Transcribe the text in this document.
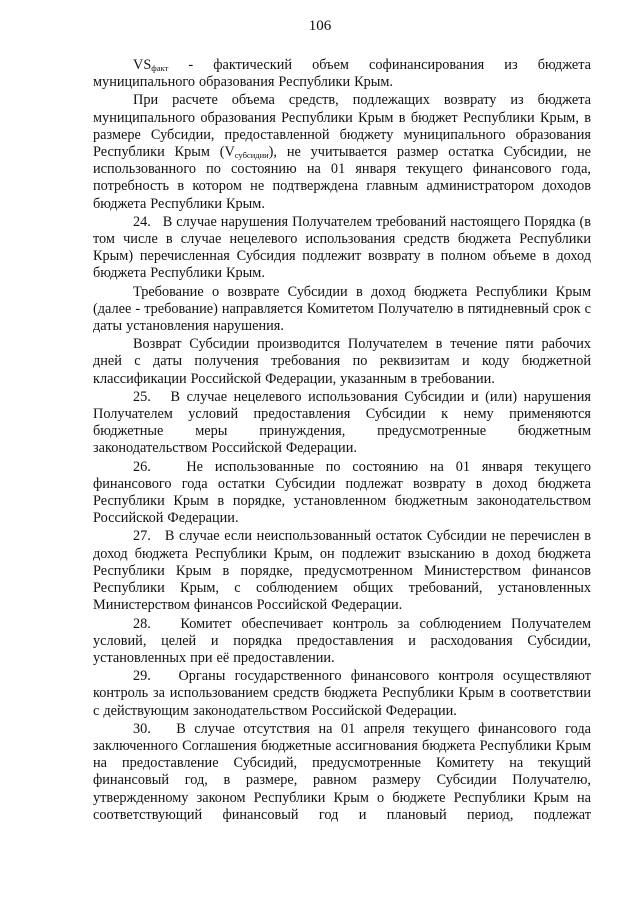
106

$VS_{факт}$ - фактический объем софинансирования из бюджета муниципального образования Республики Крым.

При расчете объема средств, подлежащих возврату из бюджета муниципального образования Республики Крым в бюджет Республики Крым, в размере Субсидии, предоставленной бюджету муниципального образования Республики Крым $(V_{субсидии})$, не учитывается размер остатка Субсидии, не использованного по состоянию на 01 января текущего финансового года, потребность в котором не подтверждена главным администратором доходов бюджета Республики Крым.

24.   В случае нарушения Получателем требований настоящего Порядка (в том числе в случае нецелевого использования средств бюджета Республики Крым) перечисленная Субсидия подлежит возврату в полном объеме в доход бюджета Республики Крым.

Требование о возврате Субсидии в доход бюджета Республики Крым (далее - требование) направляется Комитетом Получателю в пятидневный срок с даты установления нарушения.

Возврат Субсидии производится Получателем в течение пяти рабочих дней с даты получения требования по реквизитам и коду бюджетной классификации Российской Федерации, указанным в требовании.

25.   В случае нецелевого использования Субсидии и (или) нарушения Получателем условий предоставления Субсидии к нему применяются бюджетные меры принуждения, предусмотренные бюджетным законодательством Российской Федерации.

26.   Не использованные по состоянию на 01 января текущего финансового года остатки Субсидии подлежат возврату в доход бюджета Республики Крым в порядке, установленном бюджетным законодательством Российской Федерации.

27.   В случае если неиспользованный остаток Субсидии не перечислен в доход бюджета Республики Крым, он подлежит взысканию в доход бюджета Республики Крым в порядке, предусмотренном Министерством финансов Республики Крым, с соблюдением общих требований, установленных Министерством финансов Российской Федерации.

28.   Комитет обеспечивает контроль за соблюдением Получателем условий, целей и порядка предоставления и расходования Субсидии, установленных при её предоставлении.

29.   Органы государственного финансового контроля осуществляют контроль за использованием средств бюджета Республики Крым в соответствии с действующим законодательством Российской Федерации.

30.   В случае отсутствия на 01 апреля текущего финансового года заключенного Соглашения бюджетные ассигнования бюджета Республики Крым на предоставление Субсидий, предусмотренные Комитету на текущий финансовый год, в размере, равном размеру Субсидии Получателю, утвержденному законом Республики Крым о бюджете Республики Крым на соответствующий финансовый год и плановый период, подлежат
